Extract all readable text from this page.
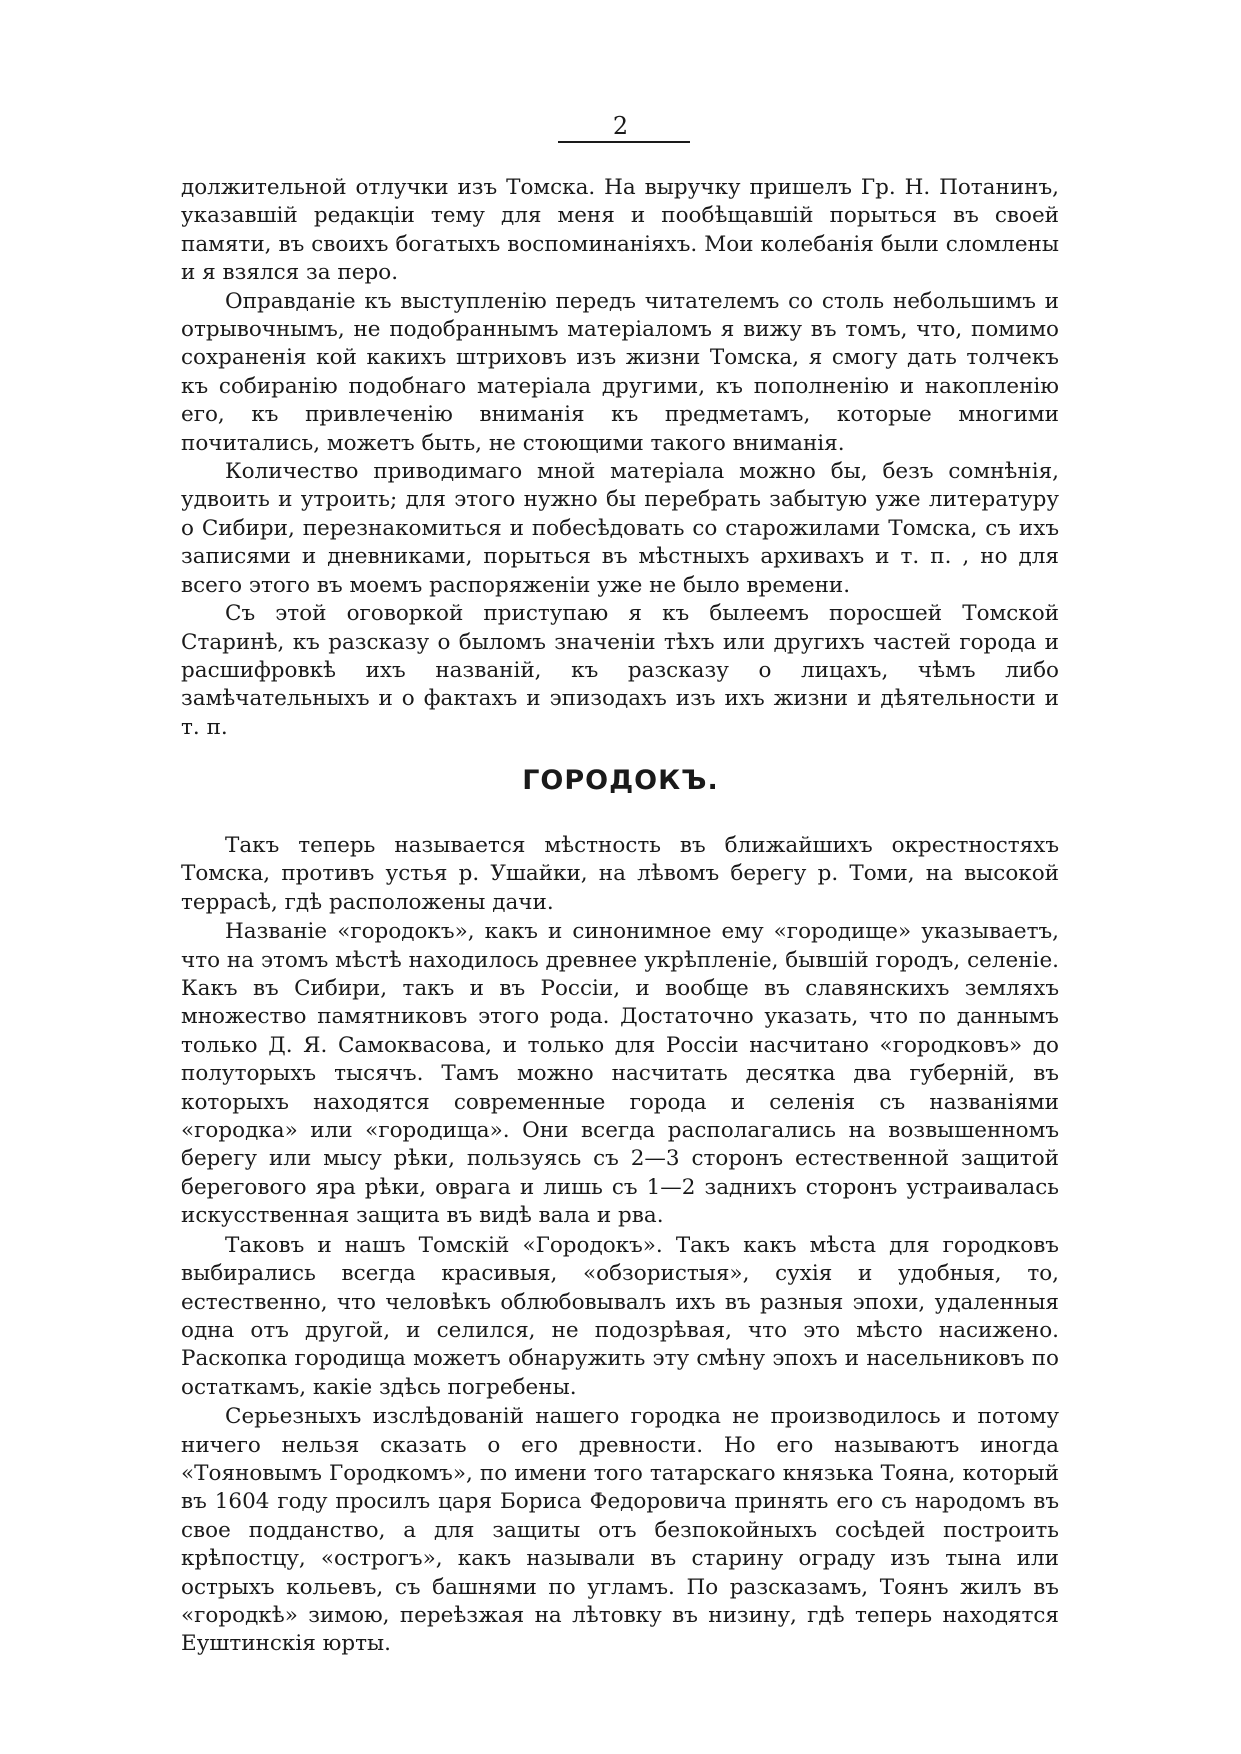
2

должительной отлучки изъ Томска. На выручку пришелъ Гр. Н. Потанинъ, указавшій редакціи тему для меня и пообѣщавшій порыться въ своей памяти, въ своихъ богатыхъ воспоминаніяхъ. Мои колебанія были сломлены и я взялся за перо.

Оправданіе къ выступленію передъ читателемъ со столь небольшимъ и отрывочнымъ, не подобраннымъ матеріаломъ я вижу въ томъ, что, помимо сохраненія кой какихъ штриховъ изъ жизни Томска, я смогу дать толчекъ къ собиранію подобнаго матеріала другими, къ пополненію и накопленію его, къ привлеченію вниманія къ предметамъ, которые многими почитались, можетъ быть, не стоющими такого вниманія.

Количество приводимаго мной матеріала можно бы, безъ сомнѣнія, удвоить и утроить; для этого нужно бы перебрать забытую уже литературу о Сибири, перезнакомиться и побесѣдовать со старожилами Томска, съ ихъ записями и дневниками, порыться въ мѣстныхъ архивахъ и т. п. , но для всего этого въ моемъ распоряженіи уже не было времени.

Съ этой оговоркой приступаю я къ былеемъ поросшей Томской Старинѣ, къ разсказу о быломъ значеніи тѣхъ или другихъ частей города и расшифровкѣ ихъ названій, къ разсказу о лицахъ, чѣмъ либо замѣчательныхъ и о фактахъ и эпизодахъ изъ ихъ жизни и дѣятельности и т. п.

ГОРОДОКЪ.

Такъ теперь называется мѣстность въ ближайшихъ окрестностяхъ Томска, противъ устья р. Ушайки, на лѣвомъ берегу р. Томи, на высокой террасѣ, гдѣ расположены дачи.

Названіе «городокъ», какъ и синонимное ему «городище» указываетъ, что на этомъ мѣстѣ находилось древнее укрѣпленіе, бывшій городъ, селеніе. Какъ въ Сибири, такъ и въ Россіи, и вообще въ славянскихъ земляхъ множество памятниковъ этого рода. Достаточно указать, что по даннымъ только Д. Я. Самоквасова, и только для Россіи насчитано «городковъ» до полуторыхъ тысячъ. Тамъ можно насчитать десятка два губерній, въ которыхъ находятся современные города и селенія съ названіями «городка» или «городища». Они всегда располагались на возвышенномъ берегу или мысу рѣки, пользуясь съ 2—3 сторонъ естественной защитой берегового яра рѣки, оврага и лишь съ 1—2 заднихъ сторонъ устраивалась искусственная защита въ видѣ вала и рва.

Таковъ и нашъ Томскій «Городокъ». Такъ какъ мѣста для городковъ выбирались всегда красивыя, «обзористыя», сухія и удобныя, то, естественно, что человѣкъ облюбовывалъ ихъ въ разныя эпохи, удаленныя одна отъ другой, и селился, не подозрѣвая, что это мѣсто насижено. Раскопка городища можетъ обнаружить эту смѣну эпохъ и насельниковъ по остаткамъ, какіе здѣсь погребены.

Серьезныхъ изслѣдованій нашего городка не производилось и потому ничего нельзя сказать о его древности. Но его называютъ иногда «Тояновымъ Городкомъ», по имени того татарскаго князька Тояна, который въ 1604 году просилъ царя Бориса Федоровича принять его съ народомъ въ свое подданство, а для защиты отъ безпокойныхъ сосѣдей построить крѣпостцу, «острогъ», какъ называли въ старину ограду изъ тына или острыхъ кольевъ, съ башнями по угламъ. По разсказамъ, Тоянъ жилъ въ «городкѣ» зимою, переѣзжая на лѣтовку въ низину, гдѣ теперь находятся Еуштинскія юрты.
